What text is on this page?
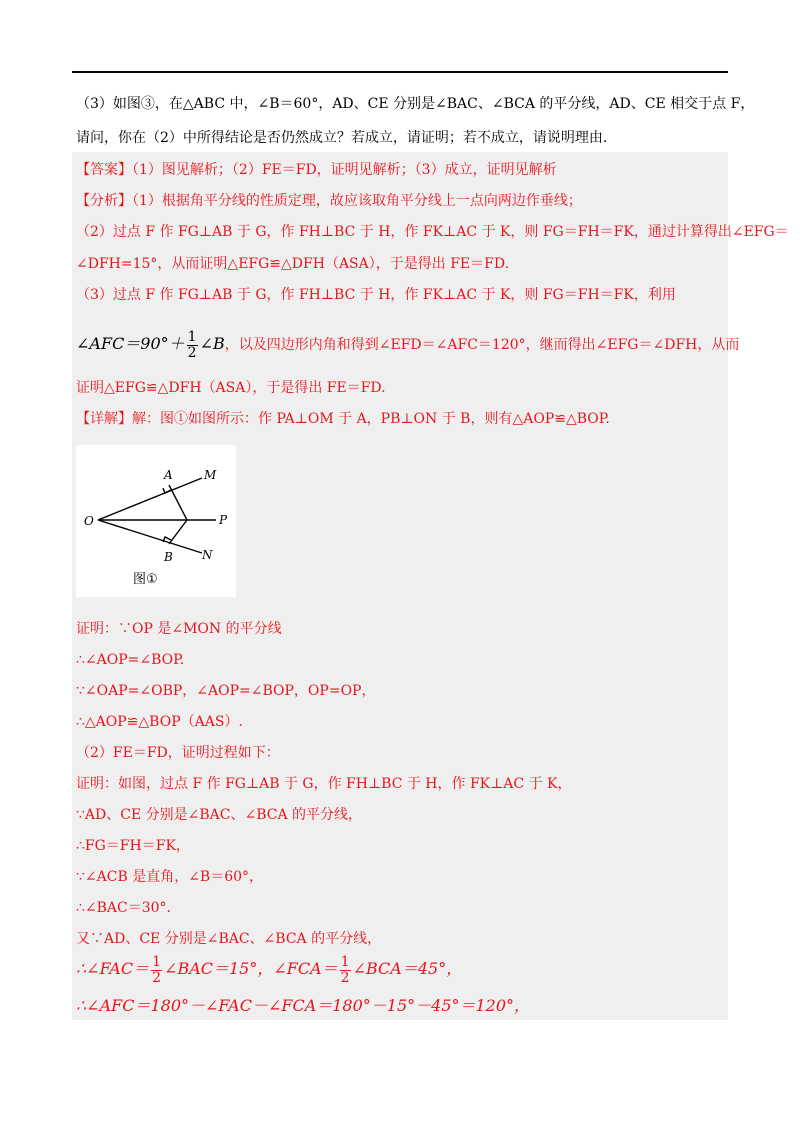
（3）如图③，在△ABC 中，∠B＝60°，AD、CE 分别是∠BAC、∠BCA 的平分线，AD、CE 相交于点 F，
请问，你在（2）中所得结论是否仍然成立？若成立，请证明；若不成立，请说明理由.
【答案】（1）图见解析；（2）FE＝FD，证明见解析；（3）成立，证明见解析
【分析】（1）根据角平分线的性质定理，故应该取角平分线上一点向两边作垂线；
（2）过点 F 作 FG⊥AB 于 G，作 FH⊥BC 于 H，作 FK⊥AC 于 K，则 FG＝FH＝FK，通过计算得出∠EFG＝
∠DFH=15°，从而证明△EFG≌△DFH（ASA），于是得出 FE＝FD.
（3）过点 F 作 FG⊥AB 于 G，作 FH⊥BC 于 H，作 FK⊥AC 于 K，则 FG＝FH＝FK，利用
∠AFC＝90°＋ $\frac{1}{2}$ ∠B，以及四边形内角和得到∠EFD＝∠AFC＝120°，继而得出∠EFG＝∠DFH，从而
证明△EFG≌△DFH（ASA），于是得出 FE＝FD.
【详解】解：图①如图所示：作 PA⊥OM 于 A，PB⊥ON 于 B，则有△AOP≌△BOP.
O
A	M
P
B N
图①
证明：∵OP 是∠MON 的平分线
∴∠AOP=∠BOP.
∵∠OAP=∠OBP，∠AOP=∠BOP，OP=OP，
∴△AOP≌△BOP（AAS）.
（2）FE＝FD，证明过程如下：
证明：如图，过点 F 作 FG⊥AB 于 G，作 FH⊥BC 于 H，作 FK⊥AC 于 K，
∵AD、CE 分别是∠BAC、∠BCA 的平分线，
∴FG＝FH＝FK，
∵∠ACB 是直角，∠B＝60°，
∴∠BAC＝30°.
又∵AD、CE 分别是∠BAC、∠BCA 的平分线，
∴∠FAC＝ $\frac{1}{2}$ ∠BAC＝15°，∠FCA＝ $\frac{1}{2}$ ∠BCA＝45°，
∴∠AFC＝180°－∠FAC－∠FCA＝180°－15°－45°＝120°，
